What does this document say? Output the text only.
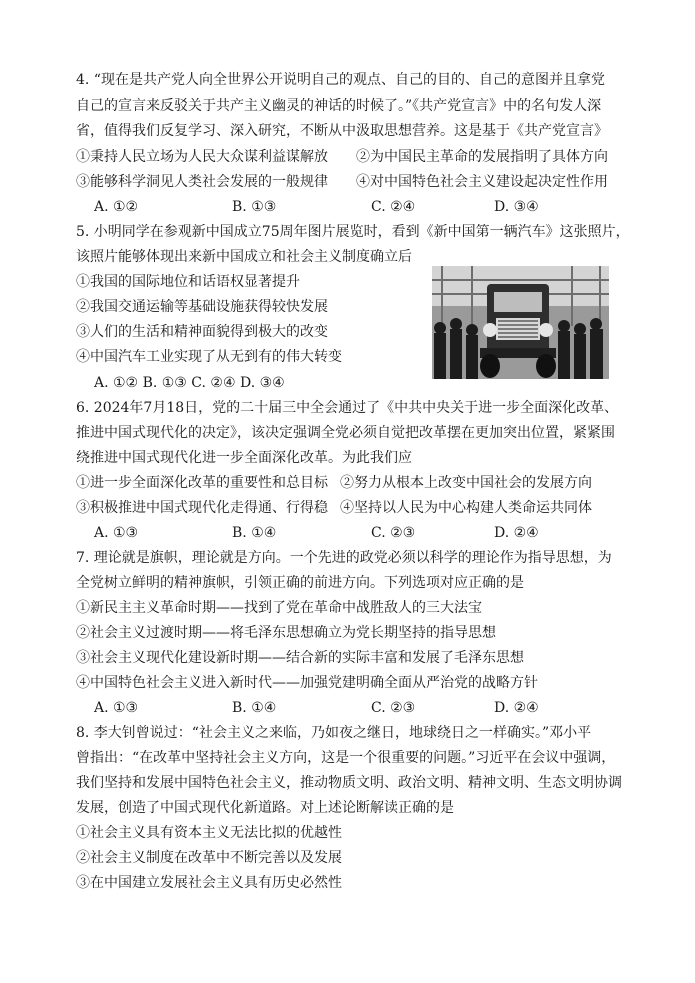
4. “现在是共产党人向全世界公开说明自己的观点、自己的目的、自己的意图并且拿党
自己的宣言来反驳关于共产主义幽灵的神话的时候了。”《共产党宣言》中的名句发人深
省，值得我们反复学习、深入研究，不断从中汲取思想营养。这是基于《共产党宣言》
①秉持人民立场为人民大众谋利益谋解放 ②为中国民主革命的发展指明了具体方向
③能够科学洞见人类社会发展的一般规律 ④对中国特色社会主义建设起决定性作用
A. ①②	B. ①③	C. ②④	D. ③④
5. 小明同学在参观新中国成立75周年图片展览时，看到《新中国第一辆汽车》这张照片，
该照片能够体现出来新中国成立和社会主义制度确立后
①我国的国际地位和话语权显著提升
②我国交通运输等基础设施获得较快发展
③人们的生活和精神面貌得到极大的改变
④中国汽车工业实现了从无到有的伟大转变
A. ①② B. ①③ C. ②④ D. ③④
6. 2024年7月18日，党的二十届三中全会通过了《中共中央关于进一步全面深化改革、
推进中国式现代化的决定》，该决定强调全党必须自觉把改革摆在更加突出位置，紧紧围
绕推进中国式现代化进一步全面深化改革。为此我们应
①进一步全面深化改革的重要性和总目标 ②努力从根本上改变中国社会的发展方向
③积极推进中国式现代化走得通、行得稳 ④坚持以人民为中心构建人类命运共同体
A. ①③	B. ①④	C. ②③	D. ②④
7. 理论就是旗帜，理论就是方向。一个先进的政党必须以科学的理论作为指导思想，为
全党树立鲜明的精神旗帜，引领正确的前进方向。下列选项对应正确的是
①新民主主义革命时期——找到了党在革命中战胜敌人的三大法宝
②社会主义过渡时期——将毛泽东思想确立为党长期坚持的指导思想
③社会主义现代化建设新时期——结合新的实际丰富和发展了毛泽东思想
④中国特色社会主义进入新时代——加强党建明确全面从严治党的战略方针
A. ①③	B. ①④	C. ②③	D. ②④
8. 李大钊曾说过：“社会主义之来临，乃如夜之继日，地球绕日之一样确实。”邓小平
曾指出：“在改革中坚持社会主义方向，这是一个很重要的问题。”习近平在会议中强调，
我们坚持和发展中国特色社会主义，推动物质文明、政治文明、精神文明、生态文明协调
发展，创造了中国式现代化新道路。对上述论断解读正确的是
①社会主义具有资本主义无法比拟的优越性
②社会主义制度在改革中不断完善以及发展
③在中国建立发展社会主义具有历史必然性
